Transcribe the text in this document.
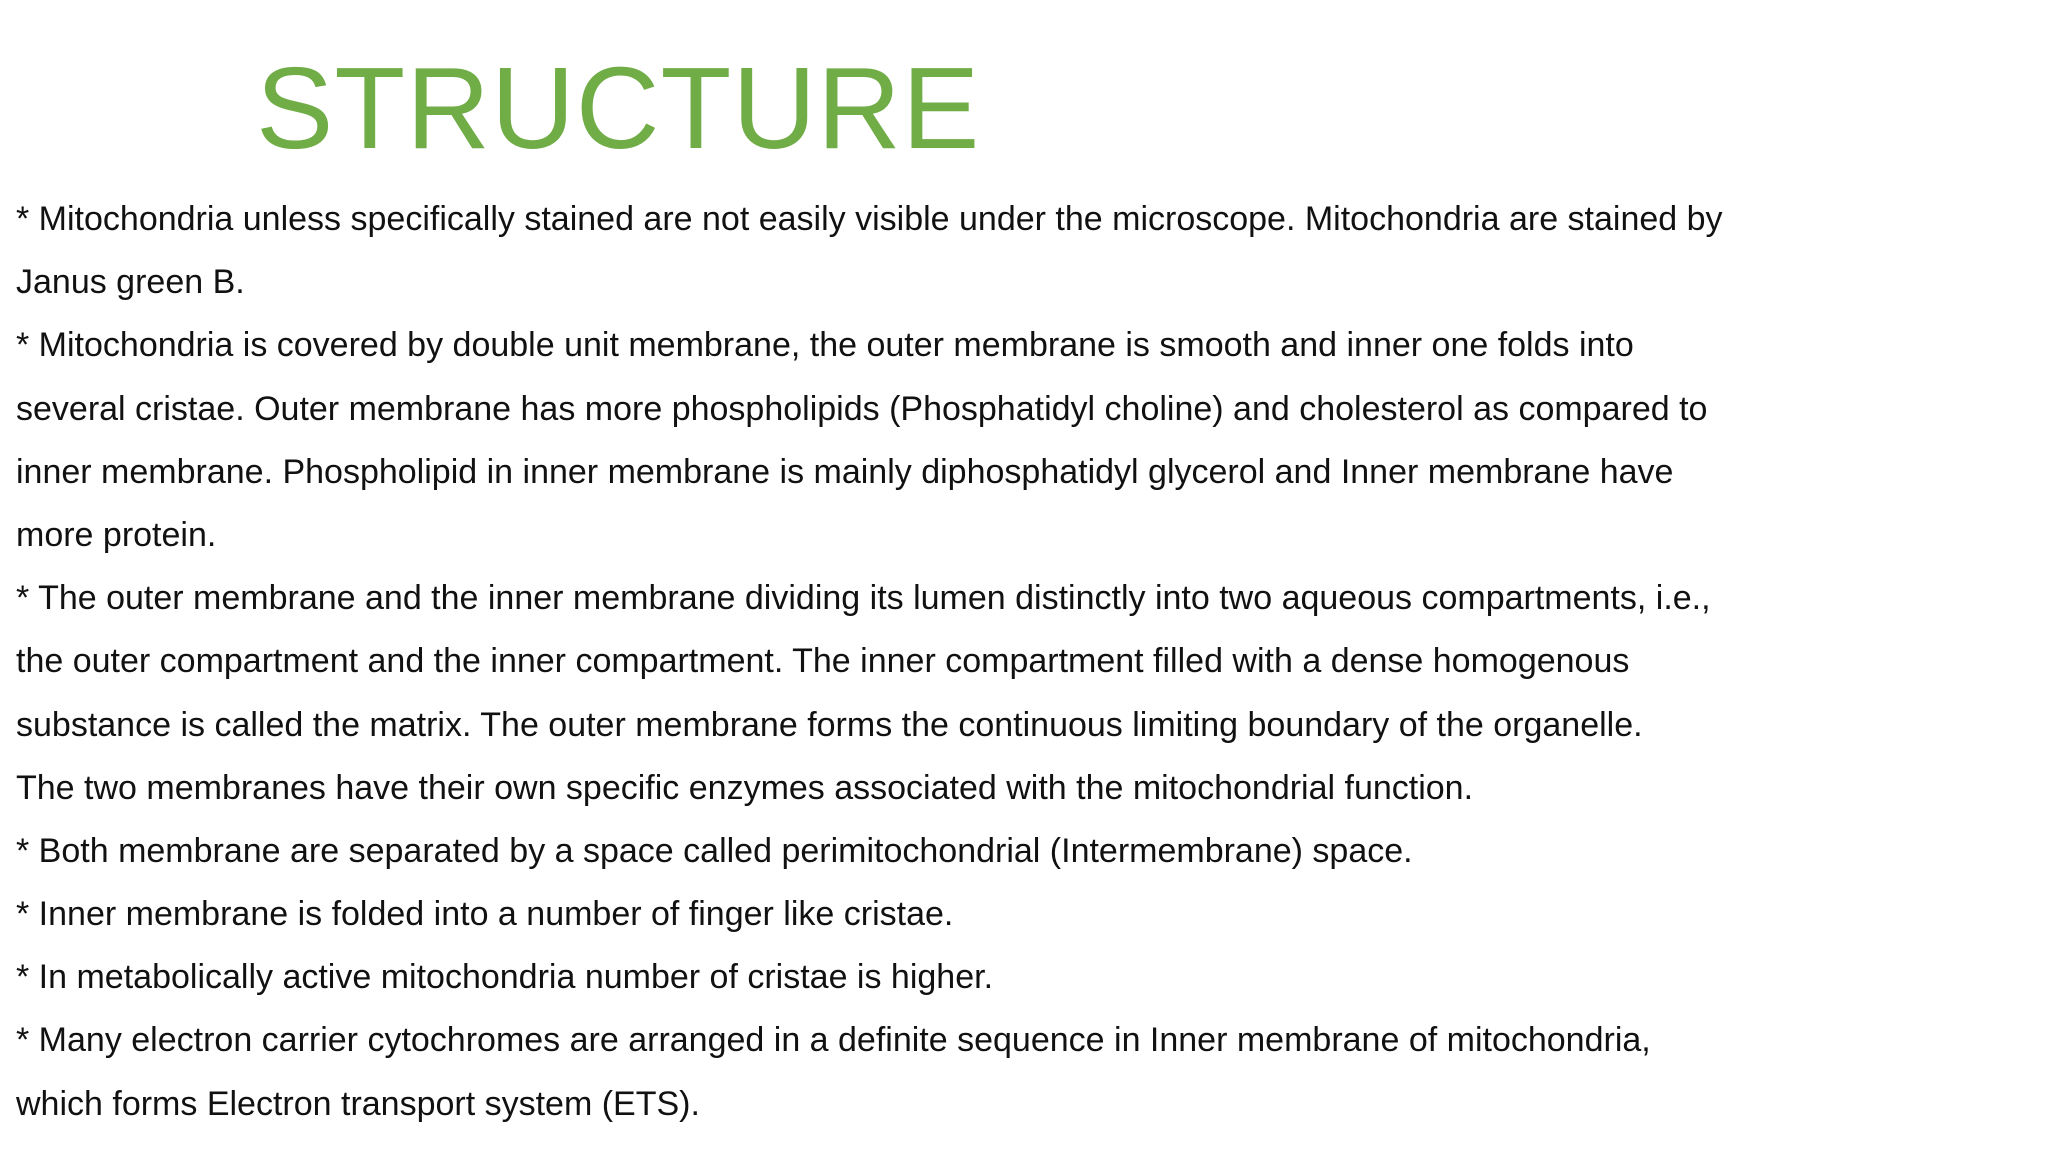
STRUCTURE
* Mitochondria unless specifically stained are not easily visible under the microscope. Mitochondria are stained by
Janus green B.
* Mitochondria is covered by double unit membrane, the outer membrane is smooth and inner one folds into
several cristae. Outer membrane has more phospholipids (Phosphatidyl choline) and cholesterol as compared to
inner membrane. Phospholipid in inner membrane is mainly diphosphatidyl glycerol and Inner membrane have
more protein.
* The outer membrane and the inner membrane dividing its lumen distinctly into two aqueous compartments, i.e.,
the outer compartment and the inner compartment. The inner compartment filled with a dense homogenous
substance is called the matrix. The outer membrane forms the continuous limiting boundary of the organelle.
The two membranes have their own specific enzymes associated with the mitochondrial function.
* Both membrane are separated by a space called perimitochondrial (Intermembrane) space.
* Inner membrane is folded into a number of finger like cristae.
* In metabolically active mitochondria number of cristae is higher.
* Many electron carrier cytochromes are arranged in a definite sequence in Inner membrane of mitochondria,
which forms Electron transport system (ETS).
